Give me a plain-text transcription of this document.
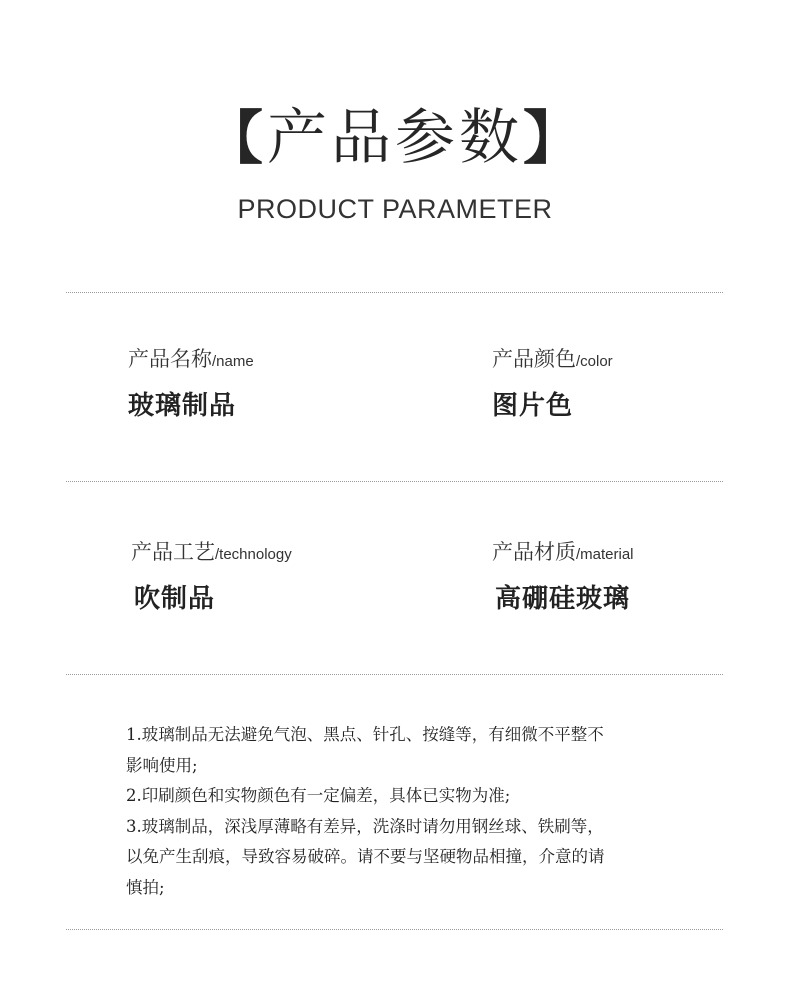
【产品参数】
PRODUCT PARAMETER
产品名称/name
玻璃制品
产品颜色/color
图片色
产品工艺/technology
吹制品
产品材质/material
高硼硅玻璃
1.玻璃制品无法避免气泡、黑点、针孔、按缝等，有细微不平整不
影响使用;
2.印刷颜色和实物颜色有一定偏差，具体已实物为准;
3.玻璃制品，深浅厚薄略有差异，洗涤时请勿用钢丝球、铁刷等，
以免产生刮痕，导致容易破碎。请不要与坚硬物品相撞，介意的请
慎拍;
